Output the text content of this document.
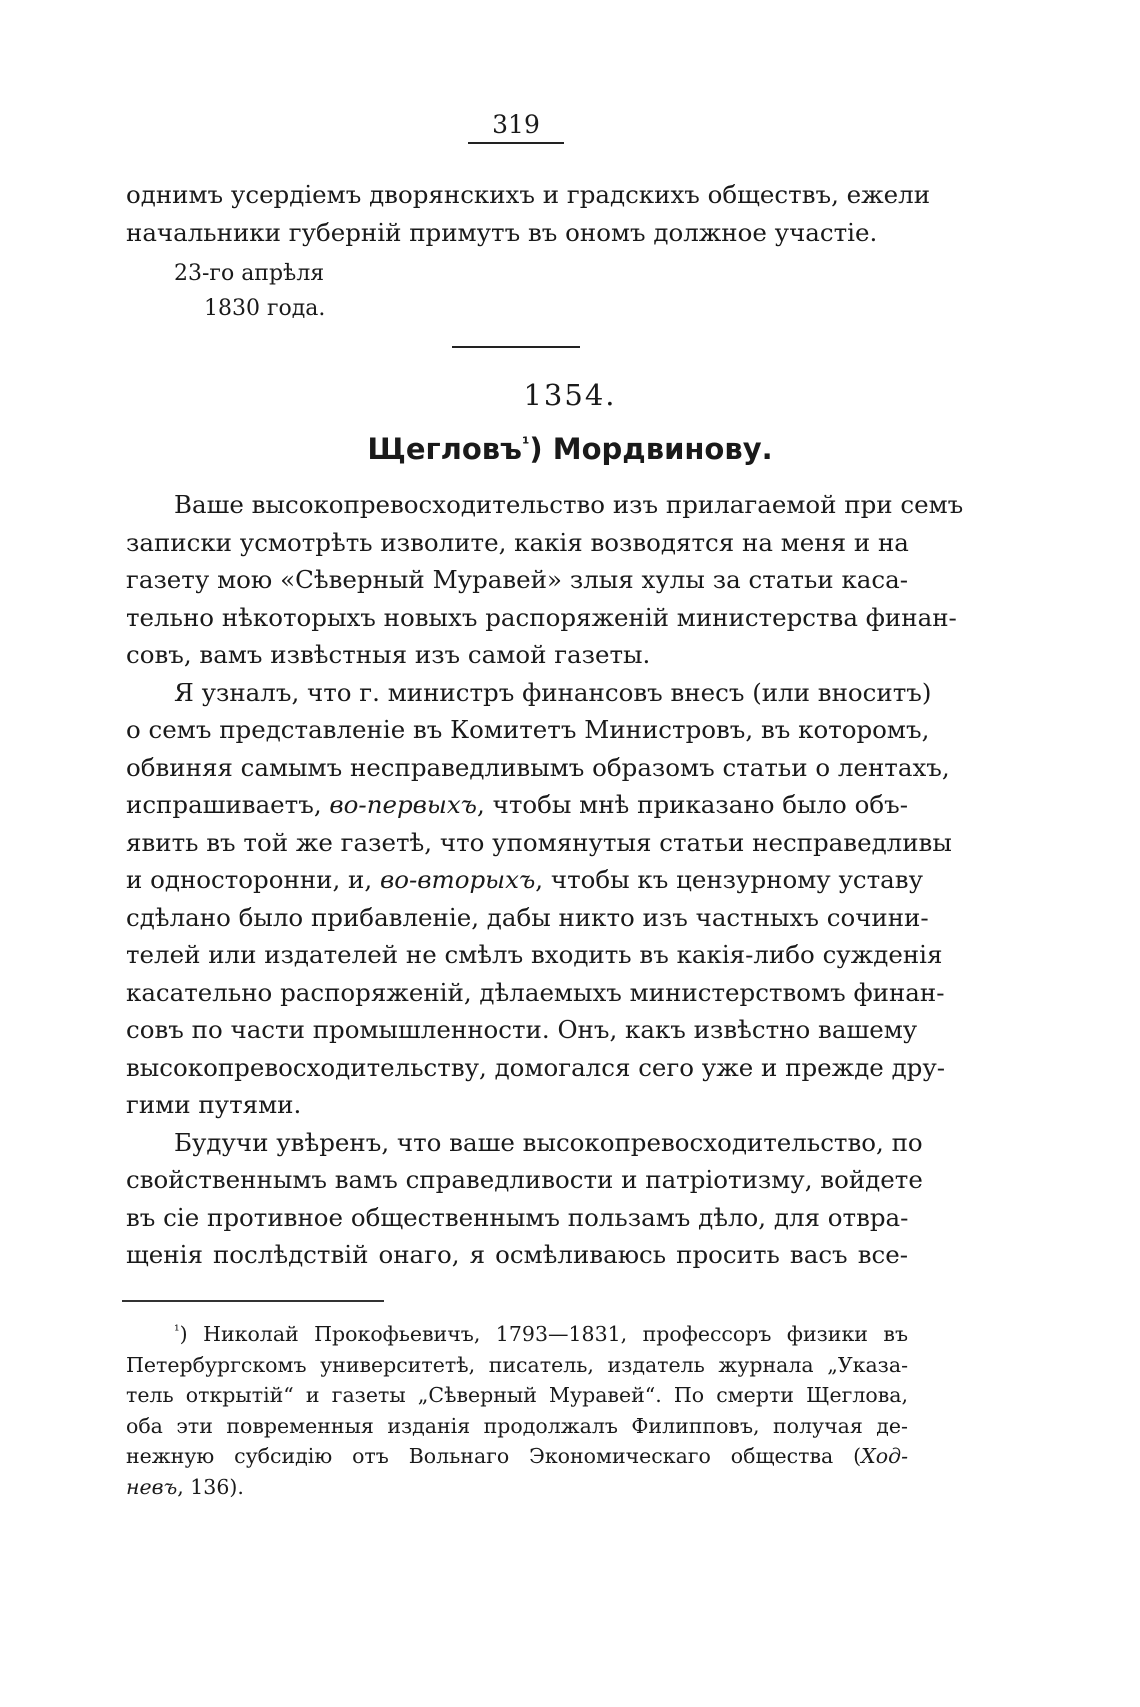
319
однимъ усердіемъ дворянскихъ и градскихъ обществъ, ежели
начальники губерній примутъ въ ономъ должное участіе.
23-го апрѣля
1830 года.
1354.
Щегловъ$^{^1}$) Мордвинову.
Ваше высокопревосходительство изъ прилагаемой при семъ
записки усмотрѣть изволите, какія возводятся на меня и на
газету мою «Сѣверный Муравей» злыя хулы за статьи каса-
тельно нѣкоторыхъ новыхъ распоряженій министерства финан-
совъ, вамъ извѣстныя изъ самой газеты.
Я узналъ, что г. министръ финансовъ внесъ (или вноситъ)
о семъ представленіе въ Комитетъ Министровъ, въ которомъ,
обвиняя самымъ несправедливымъ образомъ статьи о лентахъ,
испрашиваетъ, во-первыхъ, чтобы мнѣ приказано было объ-
явить въ той же газетѣ, что упомянутыя статьи несправедливы
и односторонни, и, во-вторыхъ, чтобы къ цензурному уставу
сдѣлано было прибавленіе, дабы никто изъ частныхъ сочини-
телей или издателей не смѣлъ входить въ какія-либо сужденія
касательно распоряженій, дѣлаемыхъ министерствомъ финан-
совъ по части промышленности. Онъ, какъ извѣстно вашему
высокопревосходительству, домогался сего уже и прежде дру-
гими путями.
Будучи увѣренъ, что ваше высокопревосходительство, по
свойственнымъ вамъ справедливости и патріотизму, войдете
въ сіе противное общественнымъ пользамъ дѣло, для отвра-
щенія послѣдствій онаго, я осмѣливаюсь просить васъ все-
$^{^1}$) Николай Прокофьевичъ, 1793—1831, профессоръ физики въ
Петербургскомъ университетѣ, писатель, издатель журнала „Указа-
тель открытій“ и газеты „Сѣверный Муравей“. По смерти Щеглова,
оба эти повременныя изданія продолжалъ Филипповъ, получая де-
нежную субсидію отъ Вольнаго Экономическаго общества (Ход-
невъ, 136).
